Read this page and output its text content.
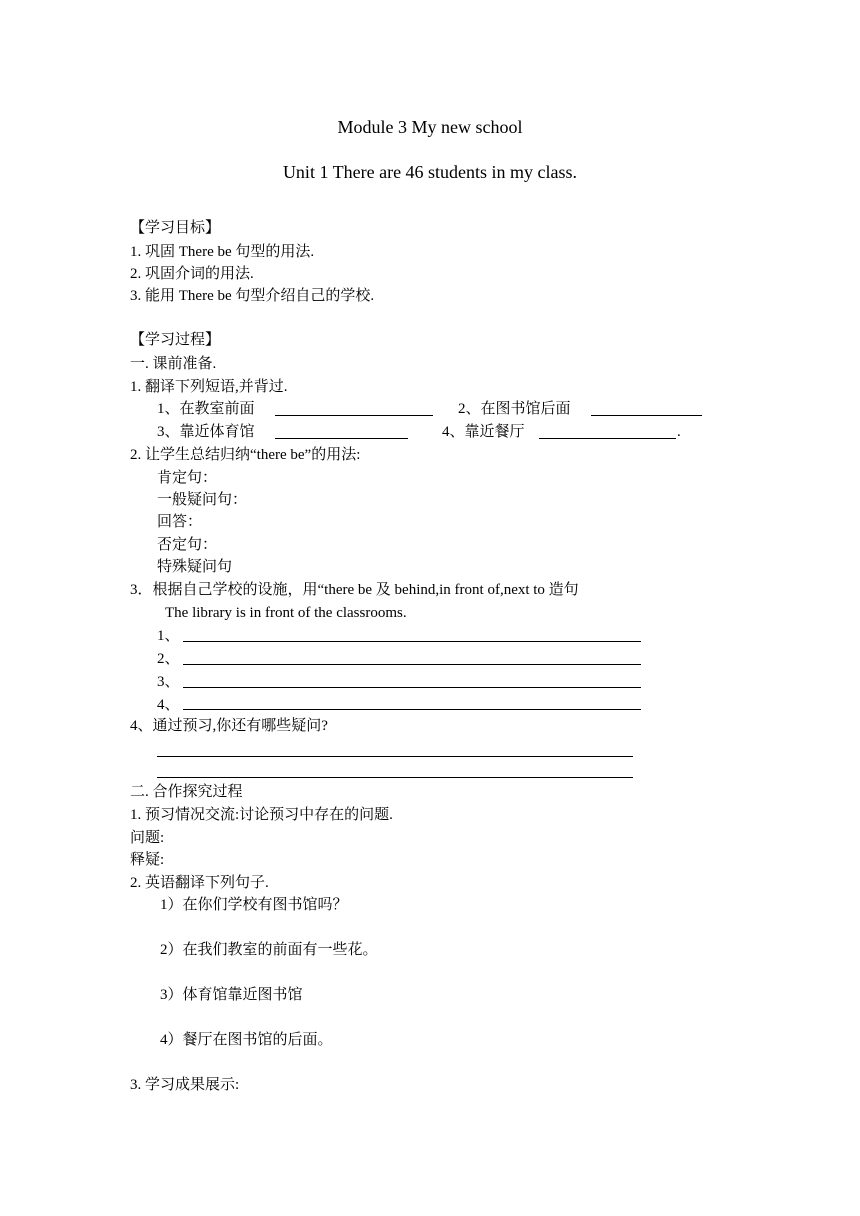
Module 3 My new school
Unit 1 There are 46 students in my class.
【学习目标】
1. 巩固 There be 句型的用法.
2. 巩固介词的用法.
3. 能用 There be 句型介绍自己的学校.
【学习过程】
一. 课前准备.
1. 翻译下列短语,并背过.
1、在教室前面	2、在图书馆后面
3、靠近体育馆	4、靠近餐厅	.
2. 让学生总结归纳“there be”的用法:
肯定句：
一般疑问句：
回答：
否定句：
特殊疑问句
3．根据自己学校的设施，用“there be 及 behind,in front of,next to 造句
The library is in front of the classrooms.
1、
2、
3、
4、
4、通过预习,你还有哪些疑问?
二. 合作探究过程
1. 预习情况交流:讨论预习中存在的问题.
问题:
释疑:
2. 英语翻译下列句子.
1）在你们学校有图书馆吗？
2）在我们教室的前面有一些花。
3）体育馆靠近图书馆
4）餐厅在图书馆的后面。
3. 学习成果展示:
